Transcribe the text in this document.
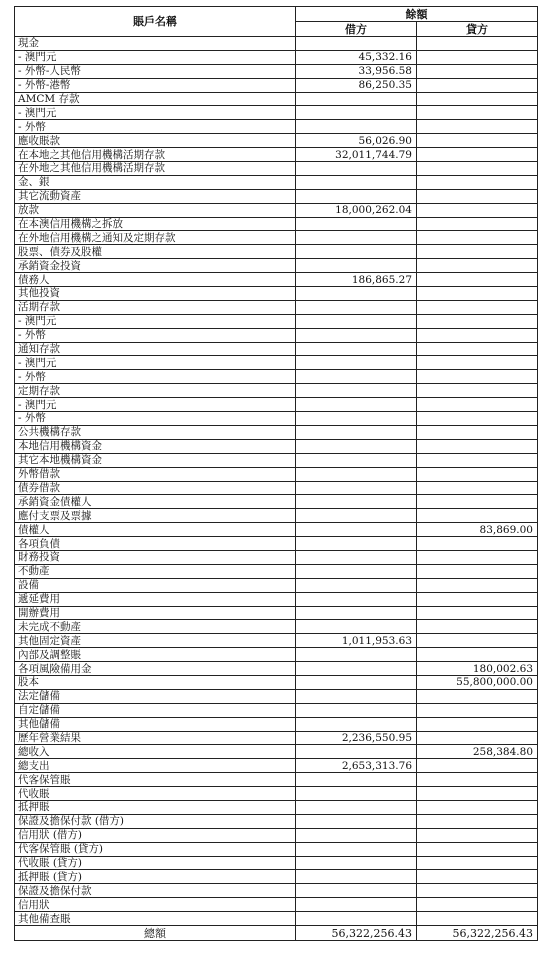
賬戶名稱	餘額	
	借方	貸方
現金		
- 澳門元	45,332.16	
- 外幣-人民幣	33,956.58	
- 外幣-港幣	86,250.35	
AMCM 存款		
- 澳門元		
- 外幣		
應收賬款	56,026.90	
在本地之其他信用機構活期存款	32,011,744.79	
在外地之其他信用機構活期存款		
金、銀		
其它流動資產		
放款	18,000,262.04	
在本澳信用機構之拆放		
在外地信用機構之通知及定期存款		
股票、債券及股權		
承銷資金投資		
債務人	186,865.27	
其他投資		
活期存款		
- 澳門元		
- 外幣		
通知存款		
- 澳門元		
- 外幣		
定期存款		
- 澳門元		
- 外幣		
公共機構存款		
本地信用機構資金		
其它本地機構資金		
外幣借款		
債券借款		
承銷資金債權人		
應付支票及票據		
債權人		83,869.00
各項負債		
財務投資		
不動產		
設備		
遞延費用		
開辦費用		
未完成不動產		
其他固定資產	1,011,953.63	
內部及調整賬		
各項風險備用金		180,002.63
股本		55,800,000.00
法定儲備		
自定儲備		
其他儲備		
歷年營業結果	2,236,550.95	
總收入		258,384.80
總支出	2,653,313.76	
代客保管賬		
代收賬		
抵押賬		
保證及擔保付款 (借方)		
信用狀 (借方)		
代客保管賬 (貸方)		
代收賬 (貸方)		
抵押賬 (貸方)		
保證及擔保付款		
信用狀		
其他備查賬		
總額	56,322,256.43	56,322,256.43
